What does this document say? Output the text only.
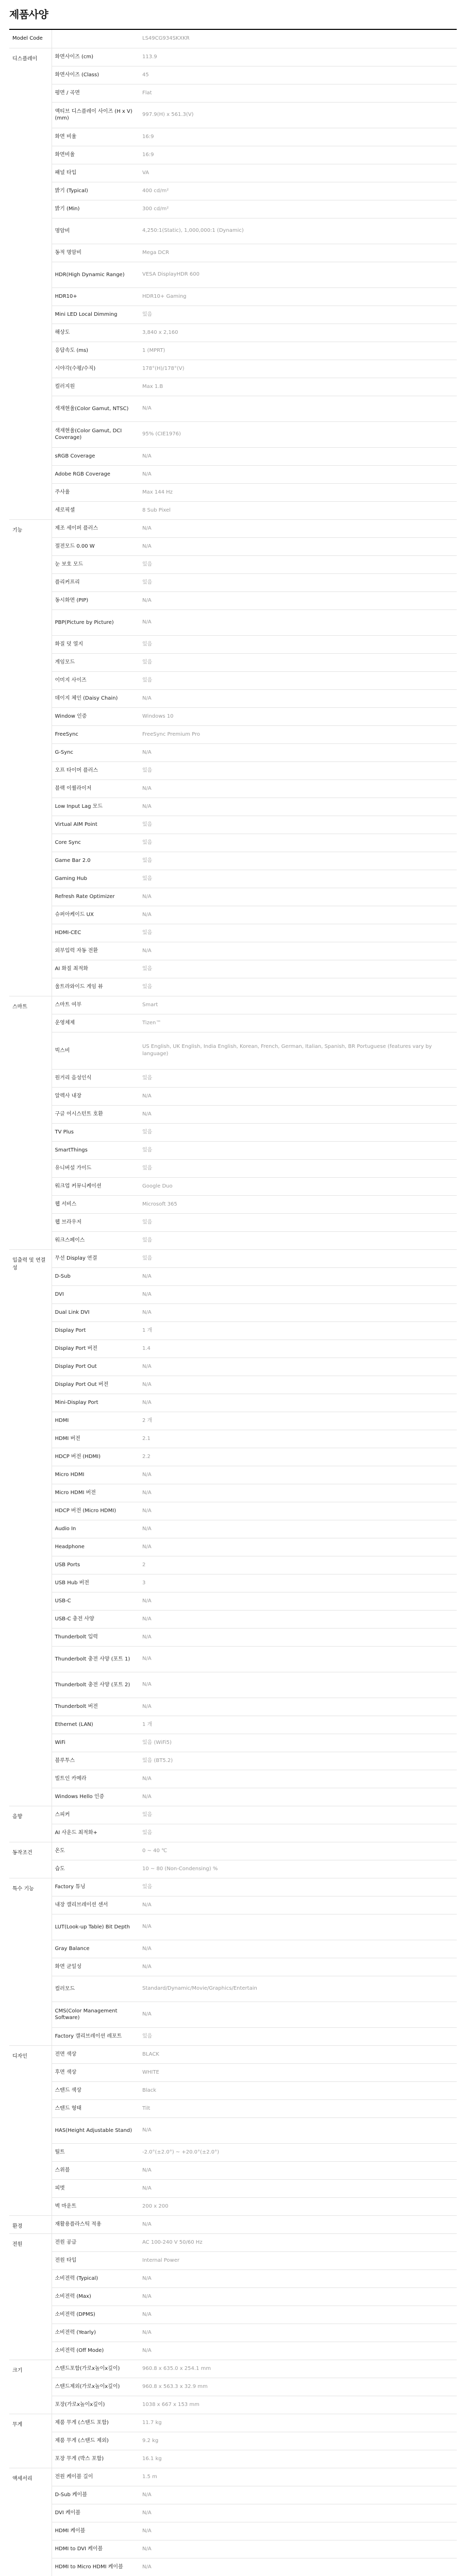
제품사양
Model Code		LS49CG934SKXKR
디스플레이	화면사이즈 (cm)	113.9
	화면사이즈 (Class)	45
	평면 / 곡면	Flat
	액티브 디스플레이 사이즈 (H x V) (mm)	997.9(H) x 561.3(V)
	화면 비율	16:9
	화면비율	16:9
	패널 타입	VA
	밝기 (Typical)	400 cd/m²
	밝기 (Min)	300 cd/m²
	명암비	4,250:1(Static), 1,000,000:1 (Dynamic)
	동적 명암비	Mega DCR
	HDR(High Dynamic Range)	VESA DisplayHDR 600
	HDR10+	HDR10+ Gaming
	Mini LED Local Dimming	있음
	해상도	3,840 x 2,160
	응답속도 (ms)	1 (MPRT)
	시야각(수평/수직)	178°(H)/178°(V)
	컬러지원	Max 1.B
	색재현율(Color Gamut, NTSC)	N/A
	색재현율(Color Gamut, DCI Coverage)	95% (CIE1976)
	sRGB Coverage	N/A
	Adobe RGB Coverage	N/A
	주사율	Max 144 Hz
	세로픽셀	8 Sub Pixel
기능	제조 세이퍼 플러스	N/A
	절전모드 0.00 W	N/A
	눈 보호 모드	있음
	플리커프리	있음
	동시화면 (PIP)	N/A
	PBP(Picture by Picture)	N/A
	화질 덧 열지	있음
	게임모드	있음
	이미지 사이즈	있음
	데이지 체인 (Daisy Chain)	N/A
	Window 인증	Windows 10
	FreeSync	FreeSync Premium Pro
	G-Sync	N/A
	오프 타이머 플러스	있음
	블랙 이퀄라이저	N/A
	Low Input Lag 모드	N/A
	Virtual AIM Point	있음
	Core Sync	있음
	Game Bar 2.0	있음
	Gaming Hub	있음
	Refresh Rate Optimizer	N/A
	슈퍼아케이드 UX	N/A
	HDMI-CEC	있음
	외부입력 자동 전환	N/A
	AI 화질 최적화	있음
	울트라와이드 게임 뷰	있음
스마트	스마트 여부	Smart
	운영체제	Tizen™
	빅스비	US English, UK English, India English, Korean, French, German, Italian, Spanish, BR Portuguese (features vary by language)
	원거리 음성인식	있음
	알렉사 내장	N/A
	구글 어시스턴트 호환	N/A
	TV Plus	있음
	SmartThings	있음
	유니버설 가이드	있음
	워크업 커뮤니케이션	Google Duo
	웹 서비스	Microsoft 365
	웹 브라우저	있음
	워크스페이스	있음
입출력 및 연결성	무선 Display 연결	있음
	D-Sub	N/A
	DVI	N/A
	Dual Link DVI	N/A
	Display Port	1 개
	Display Port 버전	1.4
	Display Port Out	N/A
	Display Port Out 버전	N/A
	Mini-Display Port	N/A
	HDMI	2 개
	HDMI 버전	2.1
	HDCP 버전 (HDMI)	2.2
	Micro HDMI	N/A
	Micro HDMI 버전	N/A
	HDCP 버전 (Micro HDMI)	N/A
	Audio In	N/A
	Headphone	N/A
	USB Ports	2
	USB Hub 버전	3
	USB-C	N/A
	USB-C 충전 사양	N/A
	Thunderbolt 입력	N/A
	Thunderbolt 충전 사양 (포트 1)	N/A
	Thunderbolt 충전 사양 (포트 2)	N/A
	Thunderbolt 버전	N/A
	Ethernet (LAN)	1 개
	WiFi	있음 (WiFi5)
	블루투스	있음 (BT5.2)
	빌트인 카메라	N/A
	Windows Hello 인증	N/A
음향	스피커	있음
	AI 사운드 최적화+	있음
동작조건	온도	0 ~ 40 ℃
	습도	10 ~ 80 (Non-Condensing) %
특수 기능	Factory 튜닝	있음
	내장 캘리브레이션 센서	N/A
	LUT(Look-up Table) Bit Depth	N/A
	Gray Balance	N/A
	화면 균일성	N/A
	컬러모드	Standard/Dynamic/Movie/Graphics/Entertain
	CMS(Color Management Software)	N/A
	Factory 캘리브레이션 레포트	있음
디자인	전면 색상	BLACK
	후면 색상	WHITE
	스탠드 색상	Black
	스탠드 형태	Tilt
	HAS(Height Adjustable Stand)	N/A
	틸트	-2.0°(±2.0°) ~ +20.0°(±2.0°)
	스위블	N/A
	피벗	N/A
	벽 마운트	200 x 200
환경	재활용플라스틱 적용	N/A
전원	전원 공급	AC 100-240 V 50/60 Hz
	전원 타입	Internal Power
	소비전력 (Typical)	N/A
	소비전력 (Max)	N/A
	소비전력 (DPMS)	N/A
	소비전력 (Yearly)	N/A
	소비전력 (Off Mode)	N/A
크기	스탠드포함(가로x높이x깊이)	960.8 x 635.0 x 254.1 mm
	스탠드제외(가로x높이x깊이)	960.8 x 563.3 x 32.9 mm
	포장(가로x높이x깊이)	1038 x 667 x 153 mm
무게	제품 무게 (스탠드 포함)	11.7 kg
	제품 무게 (스탠드 제외)	9.2 kg
	포장 무게 (박스 포함)	16.1 kg
액세서리	전원 케이블 길이	1.5 m
	D-Sub 케이블	N/A
	DVI 케이블	N/A
	HDMI 케이블	N/A
	HDMI to DVI 케이블	N/A
	HDMI to Micro HDMI 케이블	N/A
